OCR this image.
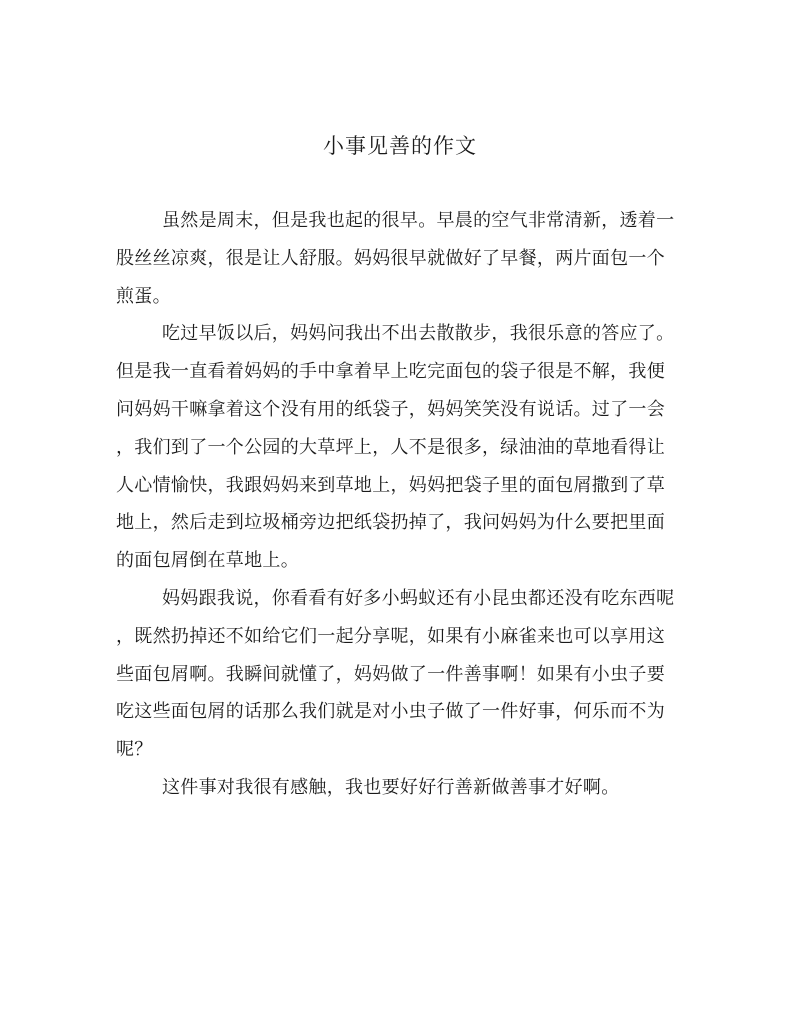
小事见善的作文
虽然是周末，但是我也起的很早。早晨的空气非常清新，透着一
股丝丝凉爽，很是让人舒服。妈妈很早就做好了早餐，两片面包一个
煎蛋。
吃过早饭以后，妈妈问我出不出去散散步，我很乐意的答应了。
但是我一直看着妈妈的手中拿着早上吃完面包的袋子很是不解，我便
问妈妈干嘛拿着这个没有用的纸袋子，妈妈笑笑没有说话。过了一会
，我们到了一个公园的大草坪上，人不是很多，绿油油的草地看得让
人心情愉快，我跟妈妈来到草地上，妈妈把袋子里的面包屑撒到了草
地上，然后走到垃圾桶旁边把纸袋扔掉了，我问妈妈为什么要把里面
的面包屑倒在草地上。
妈妈跟我说，你看看有好多小蚂蚁还有小昆虫都还没有吃东西呢
，既然扔掉还不如给它们一起分享呢，如果有小麻雀来也可以享用这
些面包屑啊。我瞬间就懂了，妈妈做了一件善事啊！如果有小虫子要
吃这些面包屑的话那么我们就是对小虫子做了一件好事，何乐而不为
呢？
这件事对我很有感触，我也要好好行善新做善事才好啊。
